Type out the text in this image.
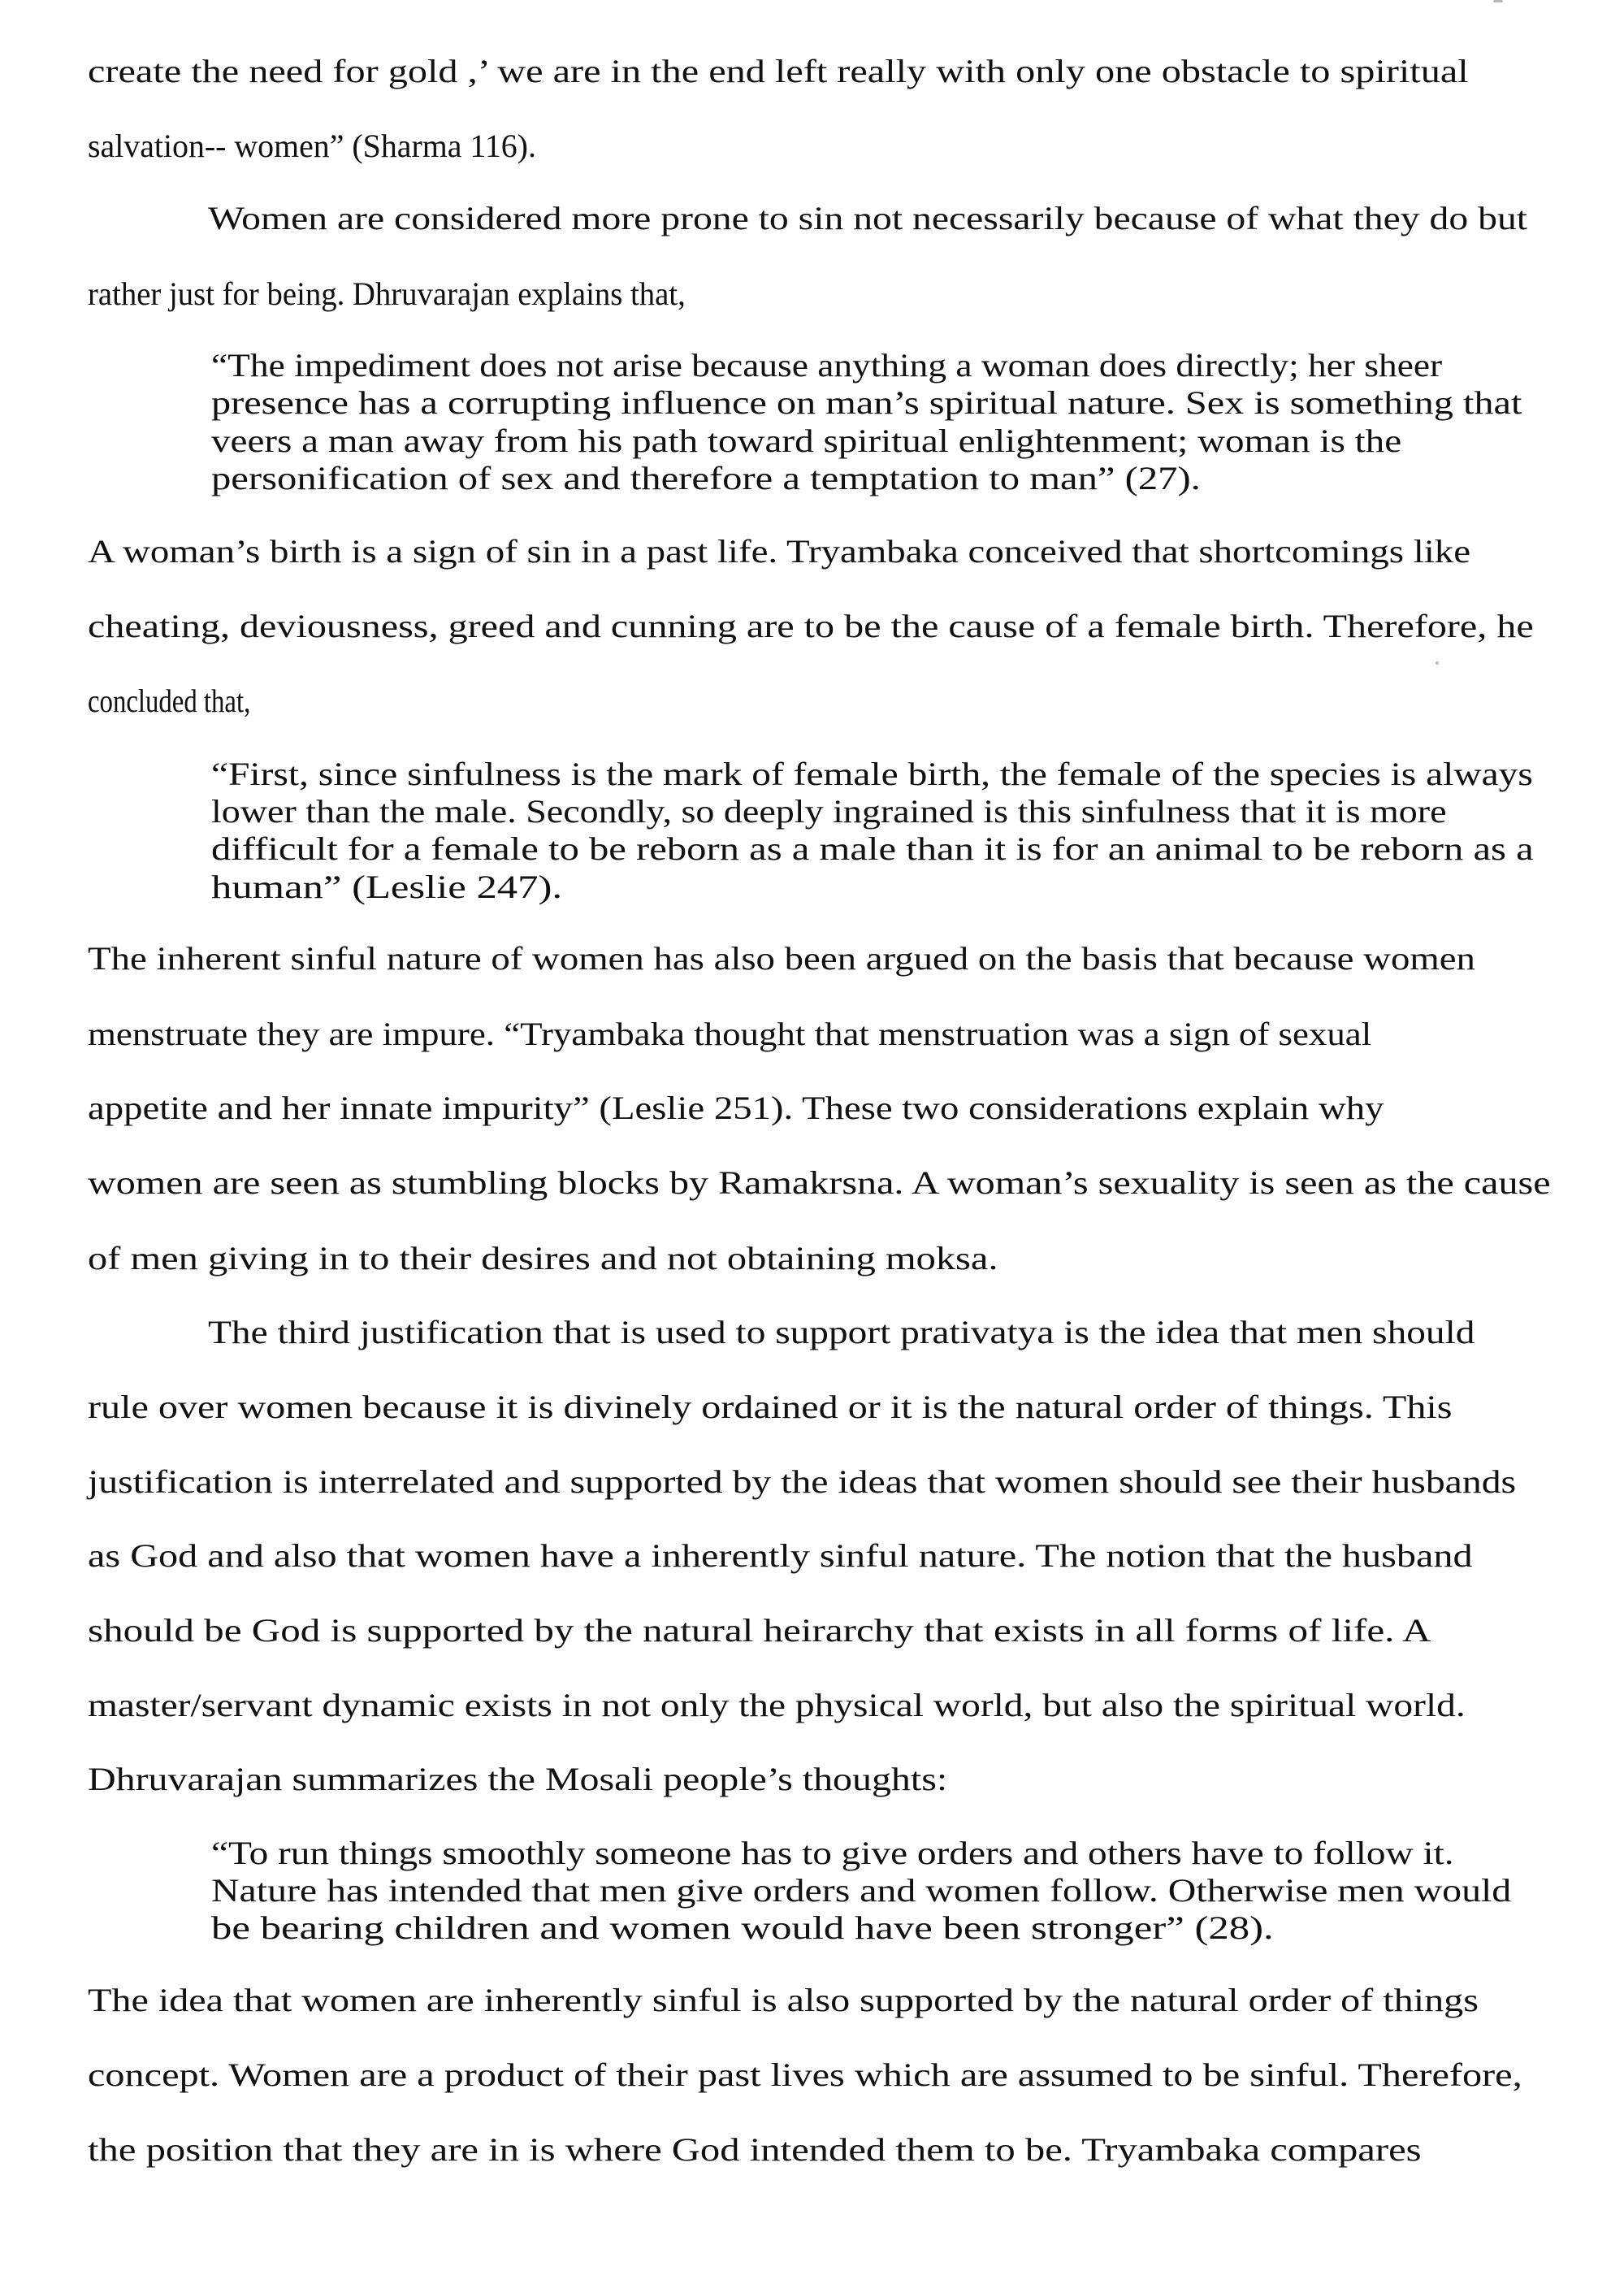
create the need for gold ,’ we are in the end left really with only one obstacle to spiritual
salvation-- women” (Sharma 116).
Women are considered more prone to sin not necessarily because of what they do but
rather just for being. Dhruvarajan explains that,
“The impediment does not arise because anything a woman does directly; her sheer
presence has a corrupting influence on man’s spiritual nature. Sex is something that
veers a man away from his path toward spiritual enlightenment; woman is the
personification of sex and therefore a temptation to man” (27).
A woman’s birth is a sign of sin in a past life. Tryambaka conceived that shortcomings like
cheating, deviousness, greed and cunning are to be the cause of a female birth. Therefore, he
concluded that,
“First, since sinfulness is the mark of female birth, the female of the species is always
lower than the male. Secondly, so deeply ingrained is this sinfulness that it is more
difficult for a female to be reborn as a male than it is for an animal to be reborn as a
human” (Leslie 247).
The inherent sinful nature of women has also been argued on the basis that because women
menstruate they are impure. “Tryambaka thought that menstruation was a sign of sexual
appetite and her innate impurity” (Leslie 251). These two considerations explain why
women are seen as stumbling blocks by Ramakrsna. A woman’s sexuality is seen as the cause
of men giving in to their desires and not obtaining moksa.
The third justification that is used to support prativatya is the idea that men should
rule over women because it is divinely ordained or it is the natural order of things. This
justification is interrelated and supported by the ideas that women should see their husbands
as God and also that women have a inherently sinful nature. The notion that the husband
should be God is supported by the natural heirarchy that exists in all forms of life. A
master/servant dynamic exists in not only the physical world, but also the spiritual world.
Dhruvarajan summarizes the Mosali people’s thoughts:
“To run things smoothly someone has to give orders and others have to follow it.
Nature has intended that men give orders and women follow. Otherwise men would
be bearing children and women would have been stronger” (28).
The idea that women are inherently sinful is also supported by the natural order of things
concept. Women are a product of their past lives which are assumed to be sinful. Therefore,
the position that they are in is where God intended them to be. Tryambaka compares
